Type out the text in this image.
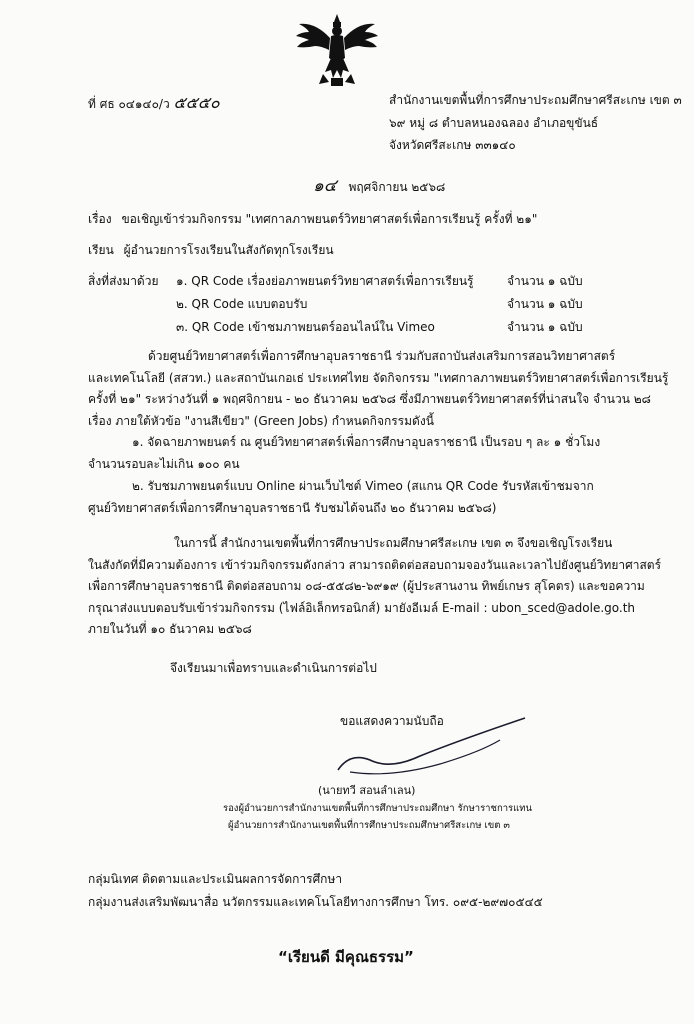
ที่ ศธ ๐๔๑๔๐/ว ๕๕๕๐	สำนักงานเขตพื้นที่การศึกษาประถมศึกษาศรีสะเกษ เขต ๓
๖๙ หมู่ ๘ ตำบลหนองฉลอง อำเภอขุขันธ์
จังหวัดศรีสะเกษ ๓๓๑๔๐
๑๔ พฤศจิกายน ๒๕๖๘
เรื่อง ขอเชิญเข้าร่วมกิจกรรม "เทศกาลภาพยนตร์วิทยาศาสตร์เพื่อการเรียนรู้ ครั้งที่ ๒๑"
เรียน ผู้อำนวยการโรงเรียนในสังกัดทุกโรงเรียน
สิ่งที่ส่งมาด้วย ๑. QR Code เรื่องย่อภาพยนตร์วิทยาศาสตร์เพื่อการเรียนรู้	จำนวน ๑ ฉบับ
๒. QR Code แบบตอบรับ	จำนวน ๑ ฉบับ
๓. QR Code เข้าชมภาพยนตร์ออนไลน์ใน Vimeo	จำนวน ๑ ฉบับ
ด้วยศูนย์วิทยาศาสตร์เพื่อการศึกษาอุบลราชธานี ร่วมกับสถาบันส่งเสริมการสอนวิทยาศาสตร์
และเทคโนโลยี (สสวท.) และสถาบันเกอเธ่ ประเทศไทย จัดกิจกรรม "เทศกาลภาพยนตร์วิทยาศาสตร์เพื่อการเรียนรู้
ครั้งที่ ๒๑" ระหว่างวันที่ ๑ พฤศจิกายน - ๒๐ ธันวาคม ๒๕๖๘ ซึ่งมีภาพยนตร์วิทยาศาสตร์ที่น่าสนใจ จำนวน ๒๘
เรื่อง ภายใต้หัวข้อ "งานสีเขียว" (Green Jobs) กำหนดกิจกรรมดังนี้
๑. จัดฉายภาพยนตร์ ณ ศูนย์วิทยาศาสตร์เพื่อการศึกษาอุบลราชธานี เป็นรอบ ๆ ละ ๑ ชั่วโมง
จำนวนรอบละไม่เกิน ๑๐๐ คน
๒. รับชมภาพยนตร์แบบ Online ผ่านเว็บไซต์ Vimeo (สแกน QR Code รับรหัสเข้าชมจาก
ศูนย์วิทยาศาสตร์เพื่อการศึกษาอุบลราชธานี รับชมได้จนถึง ๒๐ ธันวาคม ๒๕๖๘)
ในการนี้ สำนักงานเขตพื้นที่การศึกษาประถมศึกษาศรีสะเกษ เขต ๓ จึงขอเชิญโรงเรียน
ในสังกัดที่มีความต้องการ เข้าร่วมกิจกรรมดังกล่าว สามารถติดต่อสอบถามจองวันและเวลาไปยังศูนย์วิทยาศาสตร์
เพื่อการศึกษาอุบลราชธานี ติดต่อสอบถาม ๐๘-๕๕๘๒-๖๙๑๙ (ผู้ประสานงาน ทิพย์เกษร สุโคตร) และขอความ
กรุณาส่งแบบตอบรับเข้าร่วมกิจกรรม (ไฟล์อิเล็กทรอนิกส์) มายังอีเมล์ E-mail : ubon_sced@adole.go.th
ภายในวันที่ ๑๐ ธันวาคม ๒๕๖๘
จึงเรียนมาเพื่อทราบและดำเนินการต่อไป
ขอแสดงความนับถือ
(นายทวี สอนลำเลน)
รองผู้อำนวยการสำนักงานเขตพื้นที่การศึกษาประถมศึกษา รักษาราชการแทน
ผู้อำนวยการสำนักงานเขตพื้นที่การศึกษาประถมศึกษาศรีสะเกษ เขต ๓
กลุ่มนิเทศ ติดตามและประเมินผลการจัดการศึกษา
กลุ่มงานส่งเสริมพัฒนาสื่อ นวัตกรรมและเทคโนโลยีทางการศึกษา โทร. ๐๙๕-๒๙๗๐๕๔๕
“เรียนดี มีคุณธรรม”
